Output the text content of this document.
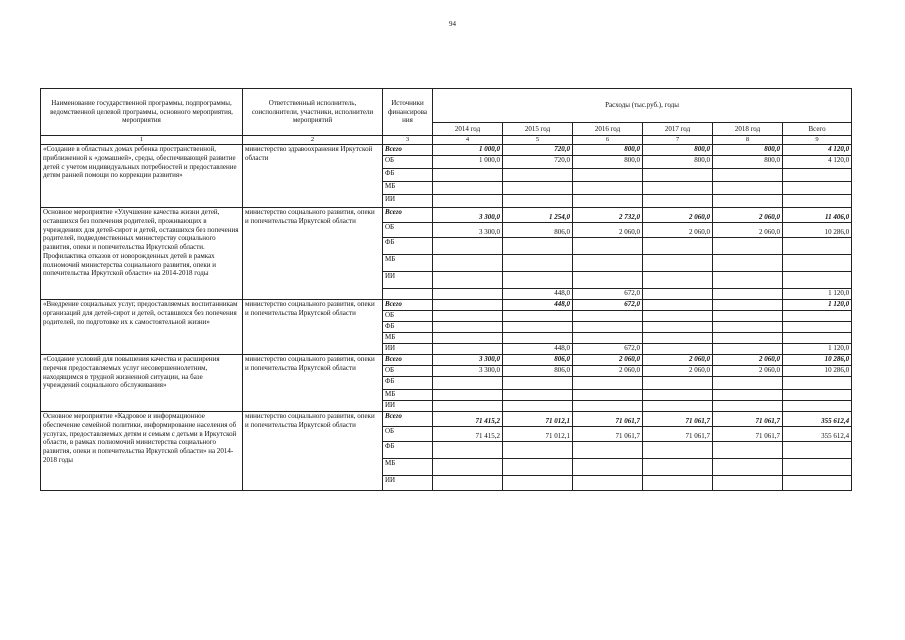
94
Наименование государственной программы, подпрограммы, ведомственной целевой программы, основного мероприятия, мероприятия	Ответственный исполнитель, соисполнители, участники, исполнители мероприятий	Источники финансирова ния	Расходы (тыс.руб.), годы					
			2014 год	2015 год	2016 год	2017 год	2018 год	Всего
1	2	3	4	5	6	7	8	9
«Создание в областных домах ребенка пространственной, приближенной к «домашней», среды, обеспечивающей развитие детей с учетом индивидуальных потребностей и предоставление детям ранней помощи по коррекции развития»	министерство здравоохранения Иркутской области	Всего	1 000,0	720,0	800,0	800,0	800,0	4 120,0
		ОБ	1 000,0	720,0	800,0	800,0	800,0	4 120,0
		ФБ						
		МБ						
		ИИ						
Основное мероприятие «Улучшение качества жизни детей, оставшихся без попечения родителей, проживающих в учреждениях для детей-сирот и детей, оставшихся без попечения родителей, подведомственных министерству социального развития, опеки и попечительства Иркутской области. Профилактика отказов от новорожденных детей в рамках полномочий министерства социального развития, опеки и попечительства Иркутской области» на 2014-2018 годы	министерство социального развития, опеки и попечительства Иркутской области	Всего	3 300,0	1 254,0	2 732,0	2 060,0	2 060,0	11 406,0
		ОБ	3 300,0	806,0	2 060,0	2 060,0	2 060,0	10 286,0
		ФБ						
		МБ						
		ИИ						
				448,0	672,0			1 120,0
«Внедрение социальных услуг, предоставляемых воспитанникам организаций для детей-сирот и детей, оставшихся без попечения родителей, по подготовке их к самостоятельной жизни»	министерство социального развития, опеки и попечительства Иркутской области	Всего		448,0	672,0			1 120,0
		ОБ						
		ФБ						
		МБ						
		ИИ		448,0	672,0			1 120,0
«Создание условий для повышения качества и расширения перечня предоставляемых услуг несовершеннолетним, находящимся в трудной жизненной ситуации, на базе учреждений социального обслуживания»	министерство социального развития, опеки и попечительства Иркутской области	Всего	3 300,0	806,0	2 060,0	2 060,0	2 060,0	10 286,0
		ОБ	3 300,0	806,0	2 060,0	2 060,0	2 060,0	10 286,0
		ФБ						
		МБ						
		ИИ						
Основное мероприятие «Кадровое и информационное обеспечение семейной политики, информирование населения об услугах, предоставляемых детям и семьям с детьми в Иркутской области, в рамках полномочий министерства социального развития, опеки и попечительства Иркутской области» на 2014-2018 годы	министерство социального развития, опеки и попечительства Иркутской области	Всего	71 415,2	71 012,1	71 061,7	71 061,7	71 061,7	355 612,4
		ОБ	71 415,2	71 012,1	71 061,7	71 061,7	71 061,7	355 612,4
		ФБ						
		МБ						
		ИИ						
